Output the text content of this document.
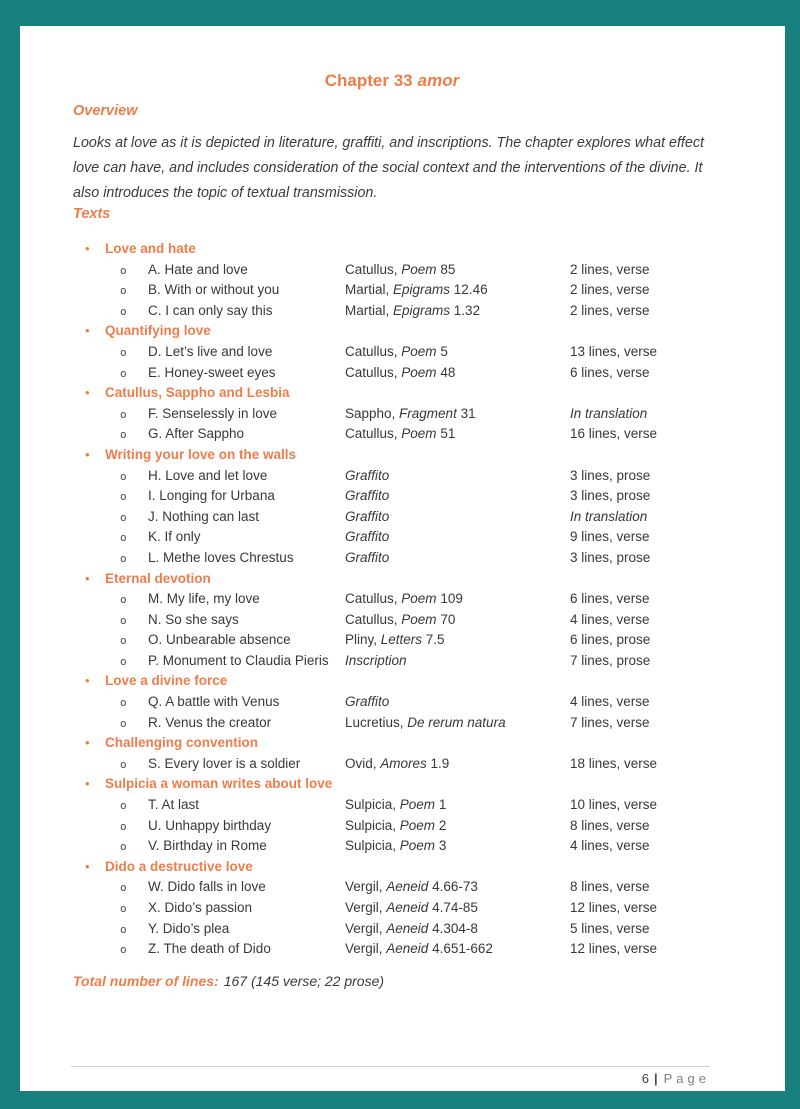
Chapter 33 amor
Overview

Looks at love as it is depicted in literature, graffiti, and inscriptions. The chapter explores what effect love can have, and includes consideration of the social context and the interventions of the divine. It also introduces the topic of textual transmission.

Texts
•	Love and hate
o	A. Hate and love	Catullus, Poem 85	2 lines, verse
o	B. With or without you	Martial, Epigrams 12.46	2 lines, verse
o	C. I can only say this	Martial, Epigrams 1.32	2 lines, verse
•	Quantifying love
o	D. Let’s live and love	Catullus, Poem 5	13 lines, verse
o	E. Honey-sweet eyes	Catullus, Poem 48	6 lines, verse
•	Catullus, Sappho and Lesbia
o	F. Senselessly in love	Sappho, Fragment 31	In translation
o	G. After Sappho	Catullus, Poem 51	16 lines, verse
•	Writing your love on the walls
o	H. Love and let love	Graffito	3 lines, prose
o	I. Longing for Urbana	Graffito	3 lines, prose
o	J. Nothing can last	Graffito	In translation
o	K. If only	Graffito	9 lines, verse
o	L. Methe loves Chrestus	Graffito	3 lines, prose
•	Eternal devotion
o	M. My life, my love	Catullus, Poem 109	6 lines, verse
o	N. So she says	Catullus, Poem 70	4 lines, verse
o	O. Unbearable absence	Pliny, Letters 7.5	6 lines, prose
o	P. Monument to Claudia Pieris	Inscription	7 lines, prose
•	Love a divine force
o	Q. A battle with Venus	Graffito	4 lines, verse
o	R. Venus the creator	Lucretius, De rerum natura	7 lines, verse
•	Challenging convention
o	S. Every lover is a soldier	Ovid, Amores 1.9	18 lines, verse
•	Sulpicia a woman writes about love
o	T. At last	Sulpicia, Poem 1	10 lines, verse
o	U. Unhappy birthday	Sulpicia, Poem 2	8 lines, verse
o	V. Birthday in Rome	Sulpicia, Poem 3	4 lines, verse
•	Dido a destructive love
o	W. Dido falls in love	Vergil, Aeneid 4.66-73	8 lines, verse
o	X. Dido’s passion	Vergil, Aeneid 4.74-85	12 lines, verse
o	Y. Dido’s plea	Vergil, Aeneid 4.304-8	5 lines, verse
o	Z. The death of Dido	Vergil, Aeneid 4.651-662	12 lines, verse
Total number of lines: 167 (145 verse; 22 prose)
6 | Page
